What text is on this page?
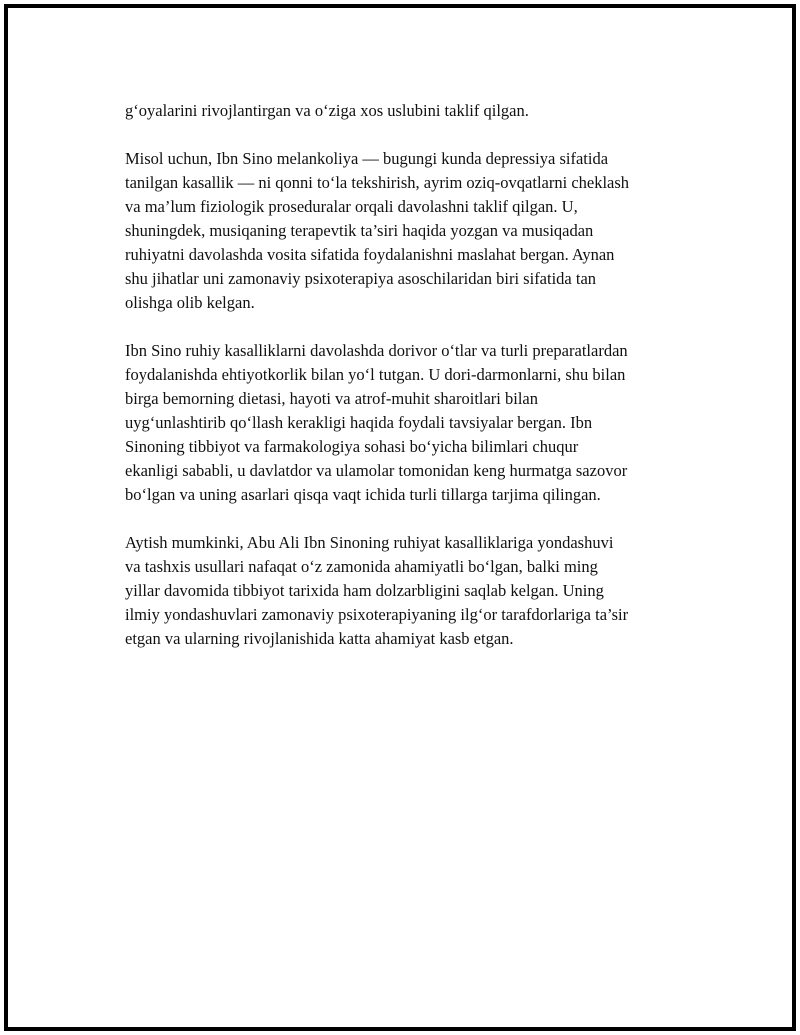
g‘oyalarini rivojlantirgan va o‘ziga xos uslubini taklif qilgan.

Misol uchun, Ibn Sino melankoliya — bugungi kunda depressiya sifatida
tanilgan kasallik — ni qonni to‘la tekshirish, ayrim oziq-ovqatlarni cheklash
va ma’lum fiziologik proseduralar orqali davolashni taklif qilgan. U,
shuningdek, musiqaning terapevtik ta’siri haqida yozgan va musiqadan
ruhiyatni davolashda vosita sifatida foydalanishni maslahat bergan. Aynan
shu jihatlar uni zamonaviy psixoterapiya asoschilaridan biri sifatida tan
olishga olib kelgan.

Ibn Sino ruhiy kasalliklarni davolashda dorivor o‘tlar va turli preparatlardan
foydalanishda ehtiyotkorlik bilan yo‘l tutgan. U dori-darmonlarni, shu bilan
birga bemorning dietasi, hayoti va atrof-muhit sharoitlari bilan
uyg‘unlashtirib qo‘llash kerakligi haqida foydali tavsiyalar bergan. Ibn
Sinoning tibbiyot va farmakologiya sohasi bo‘yicha bilimlari chuqur
ekanligi sababli, u davlatdor va ulamolar tomonidan keng hurmatga sazovor
bo‘lgan va uning asarlari qisqa vaqt ichida turli tillarga tarjima qilingan.

Aytish mumkinki, Abu Ali Ibn Sinoning ruhiyat kasalliklariga yondashuvi
va tashxis usullari nafaqat o‘z zamonida ahamiyatli bo‘lgan, balki ming
yillar davomida tibbiyot tarixida ham dolzarbligini saqlab kelgan. Uning
ilmiy yondashuvlari zamonaviy psixoterapiyaning ilg‘or tarafdorlariga ta’sir
etgan va ularning rivojlanishida katta ahamiyat kasb etgan.
